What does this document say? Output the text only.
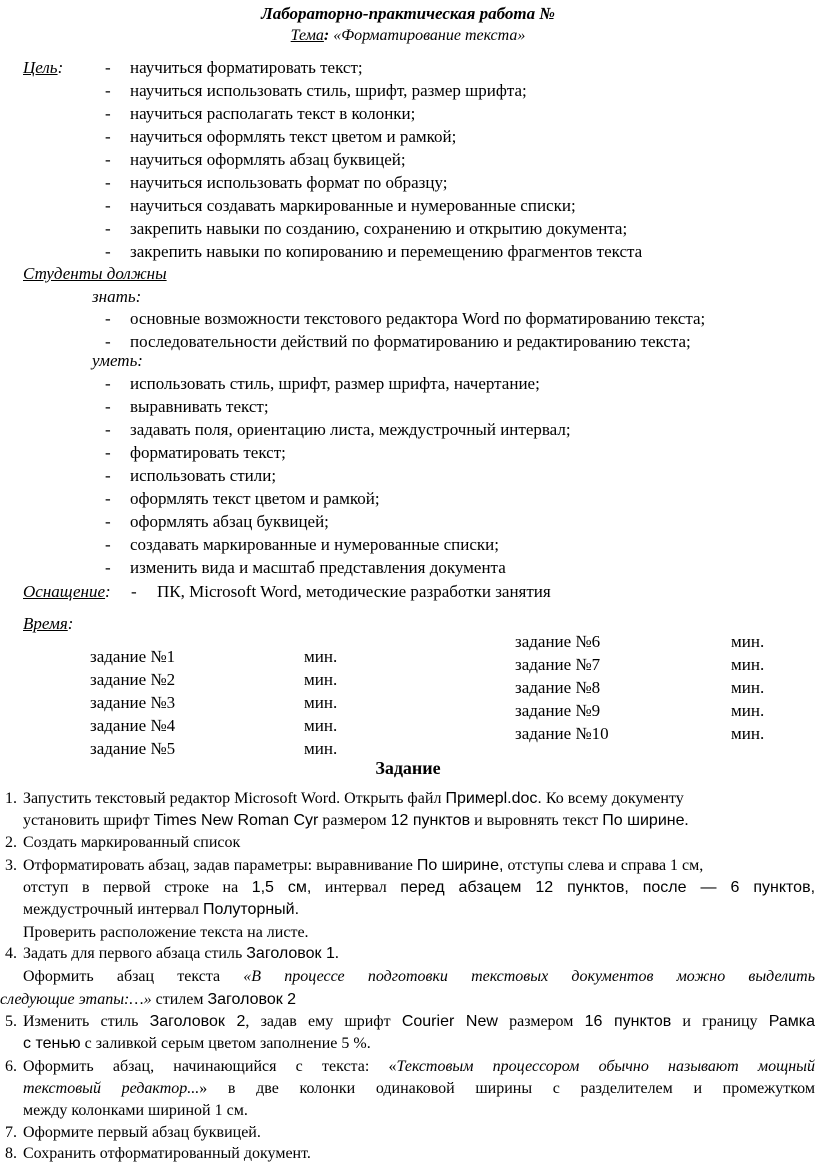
Лабораторно-практическая работа №
Тема: «Форматирование текста»
Цель: - научиться форматировать текст;
- научиться использовать стиль, шрифт, размер шрифта;
- научиться располагать текст в колонки;
- научиться оформлять текст цветом и рамкой;
- научиться оформлять абзац буквицей;
- научиться использовать формат по образцу;
- научиться создавать маркированные и нумерованные списки;
- закрепить навыки по созданию, сохранению и открытию документа;
- закрепить навыки по копированию и перемещению фрагментов текста
Студенты должны
знать:
- основные возможности текстового редактора Word по форматированию текста;
- последовательности действий по форматированию и редактированию текста;
уметь:
- использовать стиль, шрифт, размер шрифта, начертание;
- выравнивать текст;
- задавать поля, ориентацию листа, междустрочный интервал;
- форматировать текст;
- использовать стили;
- оформлять текст цветом и рамкой;
- оформлять абзац буквицей;
- создавать маркированные и нумерованные списки;
- изменить вида и масштаб представления документа
Оснащение: - ПК, Microsoft Word, методические разработки занятия
Время:
задание №1	мин.
задание №2	мин.
задание №3	мин.
задание №4	мин.
задание №5	мин.
задание №6	мин.
задание №7	мин.
задание №8	мин.
задание №9	мин.
задание №10	мин.
Задание
1. Запустить текстовый редактор Microsoft Word. Открыть файл Примерl.doc. Ко всему документу
установить шрифт Times New Roman Cyr размером 12 пунктов и выровнять текст По ширине.
2. Создать маркированный список
3. Отформатировать абзац, задав параметры: выравнивание По ширине, отступы слева и справа 1 см,
отступ в первой строке на 1,5 см, интервал перед абзацем 12 пунктов, после — 6 пунктов,
междустрочный интервал Полуторный.
Проверить расположение текста на листе.
4. Задать для первого абзаца стиль Заголовок 1.
Оформить абзац текста «В процессе подготовки текстовых документов можно выделить
следующие этапы:…» стилем Заголовок 2
5. Изменить стиль Заголовок 2, задав ему шрифт Courier New размером 16 пунктов и границу Рамка
с тенью с заливкой серым цветом заполнение 5 %.
6. Оформить абзац, начинающийся с текста: «Текстовым процессором обычно называют мощный
текстовый редактор...» в две колонки одинаковой ширины с разделителем и промежутком
между колонками шириной 1 см.
7. Оформите первый абзац буквицей.
8. Сохранить отформатированный документ.
